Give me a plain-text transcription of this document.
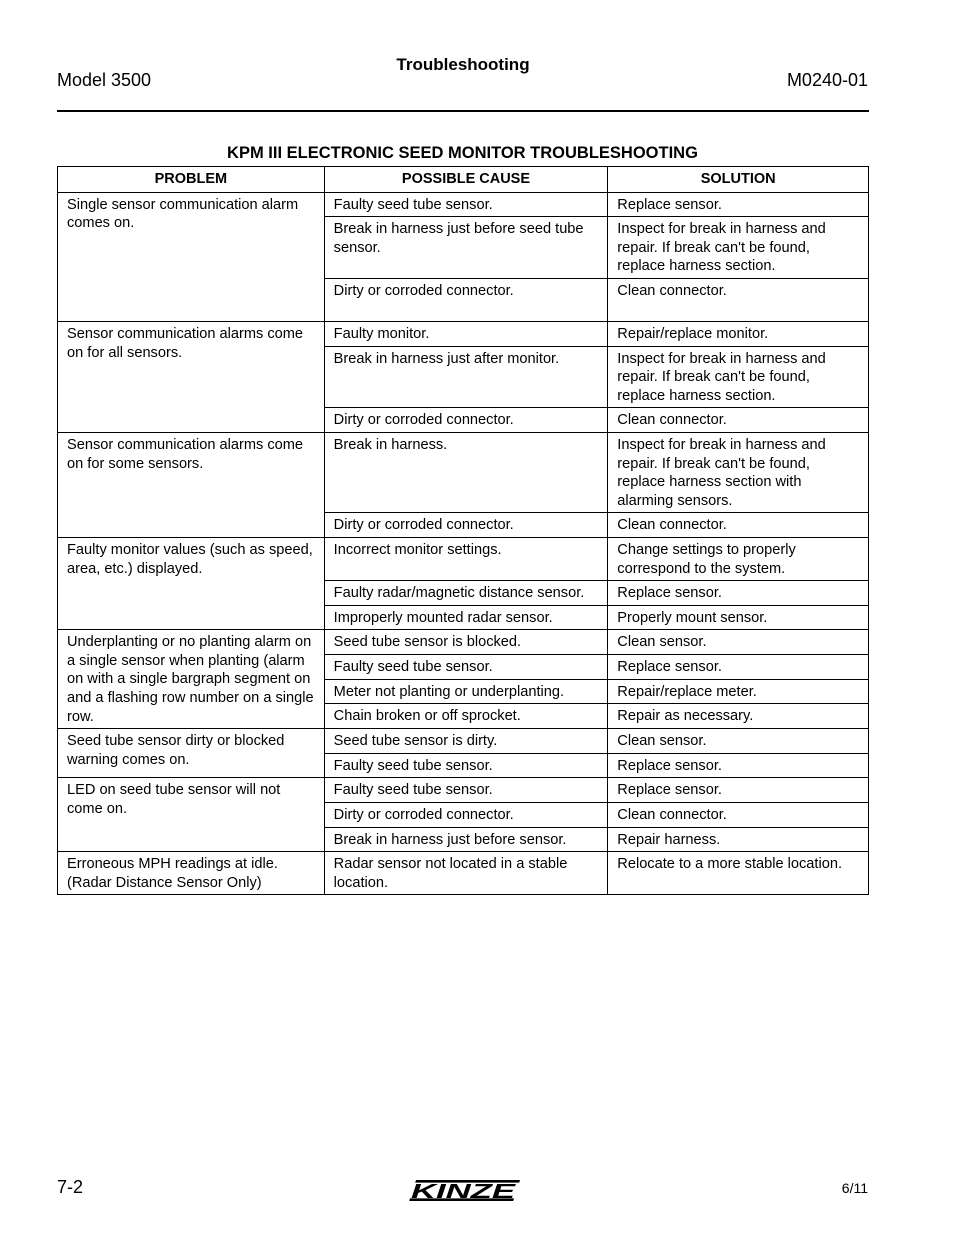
Model 3500
Troubleshooting
M0240-01
KPM III ELECTRONIC SEED MONITOR TROUBLESHOOTING
PROBLEM	POSSIBLE CAUSE	SOLUTION
Single sensor communication alarm comes on.	Faulty seed tube sensor.	Replace sensor.
	Break in harness just before seed tube sensor.	Inspect for break in harness and repair. If break can't be found, replace harness section.
	Dirty or corroded connector.	Clean connector.
Sensor communication alarms come on for all sensors.	Faulty monitor.	Repair/replace monitor.
	Break in harness just after monitor.	Inspect for break in harness and repair. If break can't be found, replace harness section.
	Dirty or corroded connector.	Clean connector.
Sensor communication alarms come on for some sensors.	Break in harness.	Inspect for break in harness and repair. If break can't be found, replace harness section with alarming sensors.
	Dirty or corroded connector.	Clean connector.
Faulty monitor values (such as speed, area, etc.) displayed.	Incorrect monitor settings.	Change settings to properly correspond to the system.
	Faulty radar/magnetic distance sensor.	Replace sensor.
	Improperly mounted radar sensor.	Properly mount sensor.
Underplanting or no planting alarm on a single sensor when planting (alarm on with a single bargraph segment on and a flashing row number on a single row.	Seed tube sensor is blocked.	Clean sensor.
	Faulty seed tube sensor.	Replace sensor.
	Meter not planting or underplanting.	Repair/replace meter.
	Chain broken or off sprocket.	Repair as necessary.
Seed tube sensor dirty or blocked warning comes on.	Seed tube sensor is dirty.	Clean sensor.
	Faulty seed tube sensor.	Replace sensor.
LED on seed tube sensor will not come on.	Faulty seed tube sensor.	Replace sensor.
	Dirty or corroded connector.	Clean connector.
	Break in harness just before sensor.	Repair harness.
Erroneous MPH readings at idle. (Radar Distance Sensor Only)	Radar sensor not located in a stable location.	Relocate to a more stable location.
7-2	KINZE	6/11
